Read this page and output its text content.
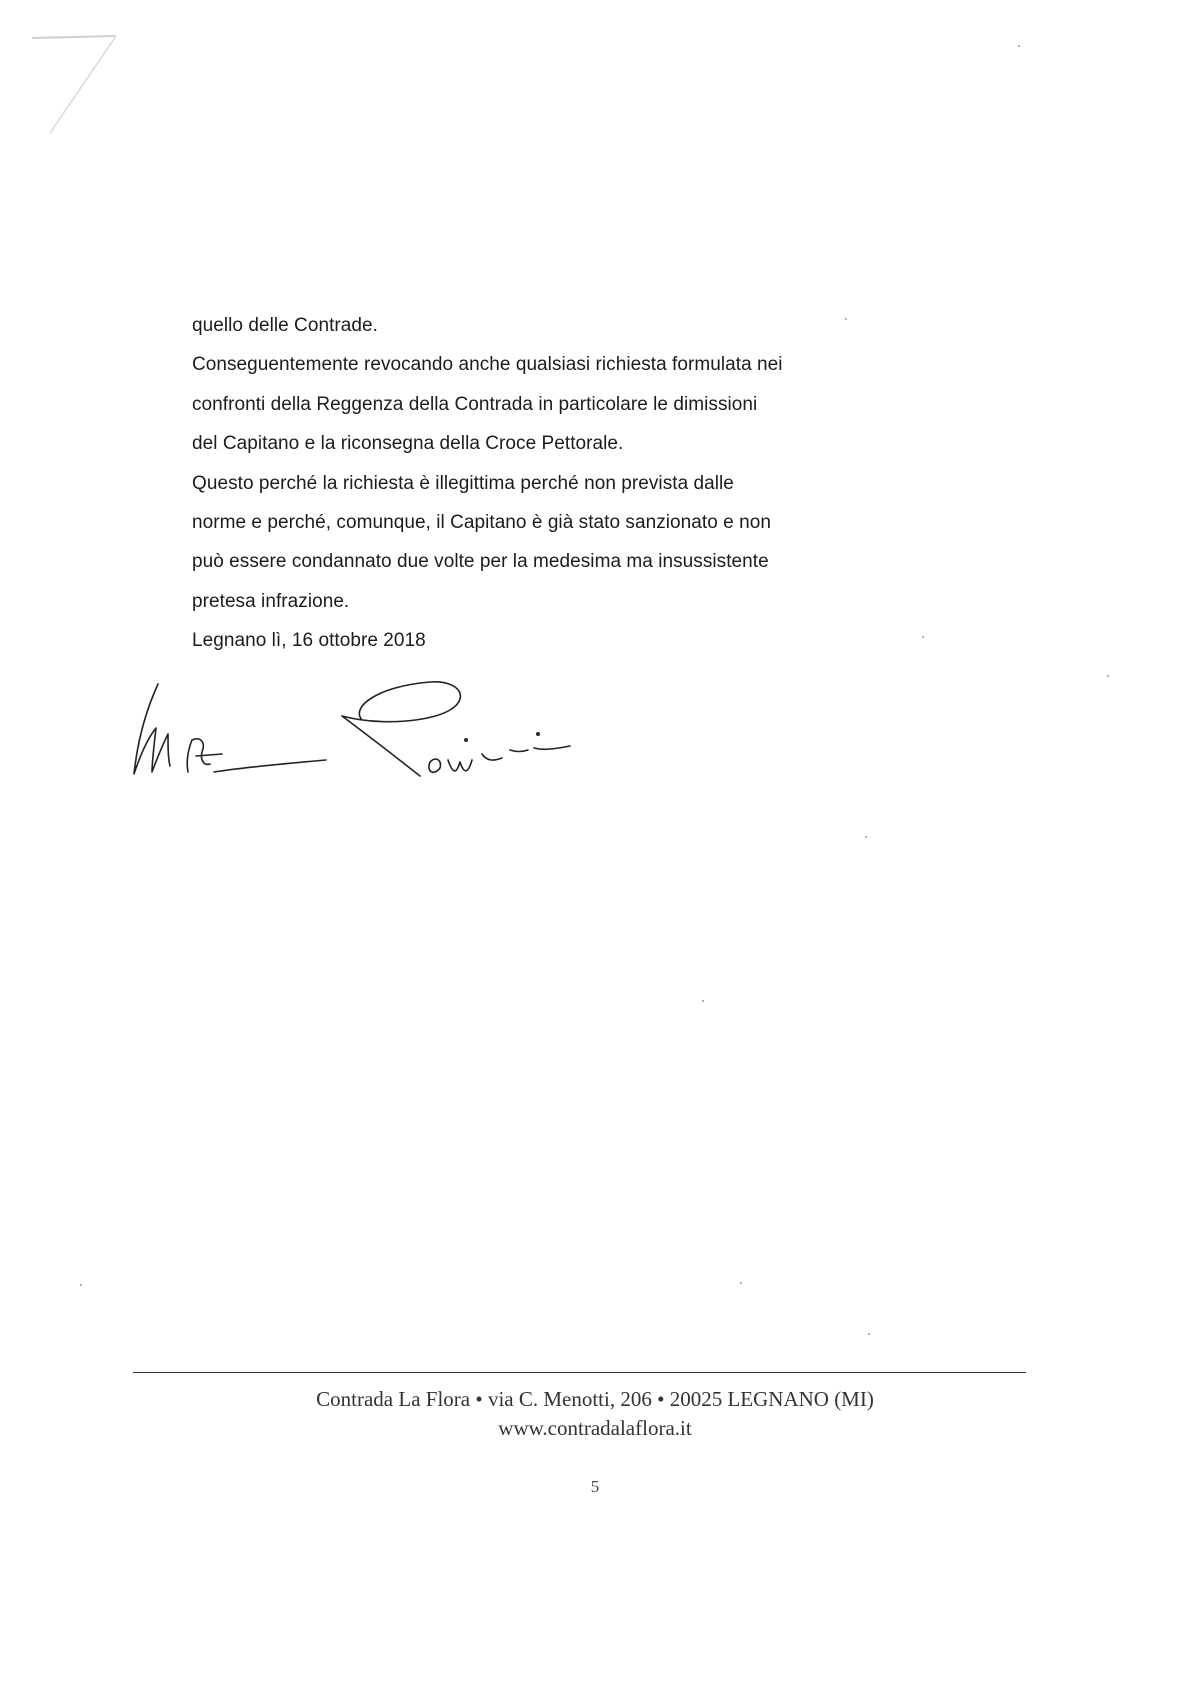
quello delle Contrade.
Conseguentemente revocando anche qualsiasi richiesta formulata nei
confronti della Reggenza della Contrada in particolare le dimissioni
del Capitano e la riconsegna della Croce Pettorale.
Questo perché la richiesta è illegittima perché non prevista dalle
norme e perché, comunque, il Capitano è già stato sanzionato e non
può essere condannato due volte per la medesima ma insussistente
pretesa infrazione.
Legnano lì, 16 ottobre 2018
Contrada La Flora • via C. Menotti, 206 • 20025 LEGNANO (MI)
www.contradalaflora.it
5
